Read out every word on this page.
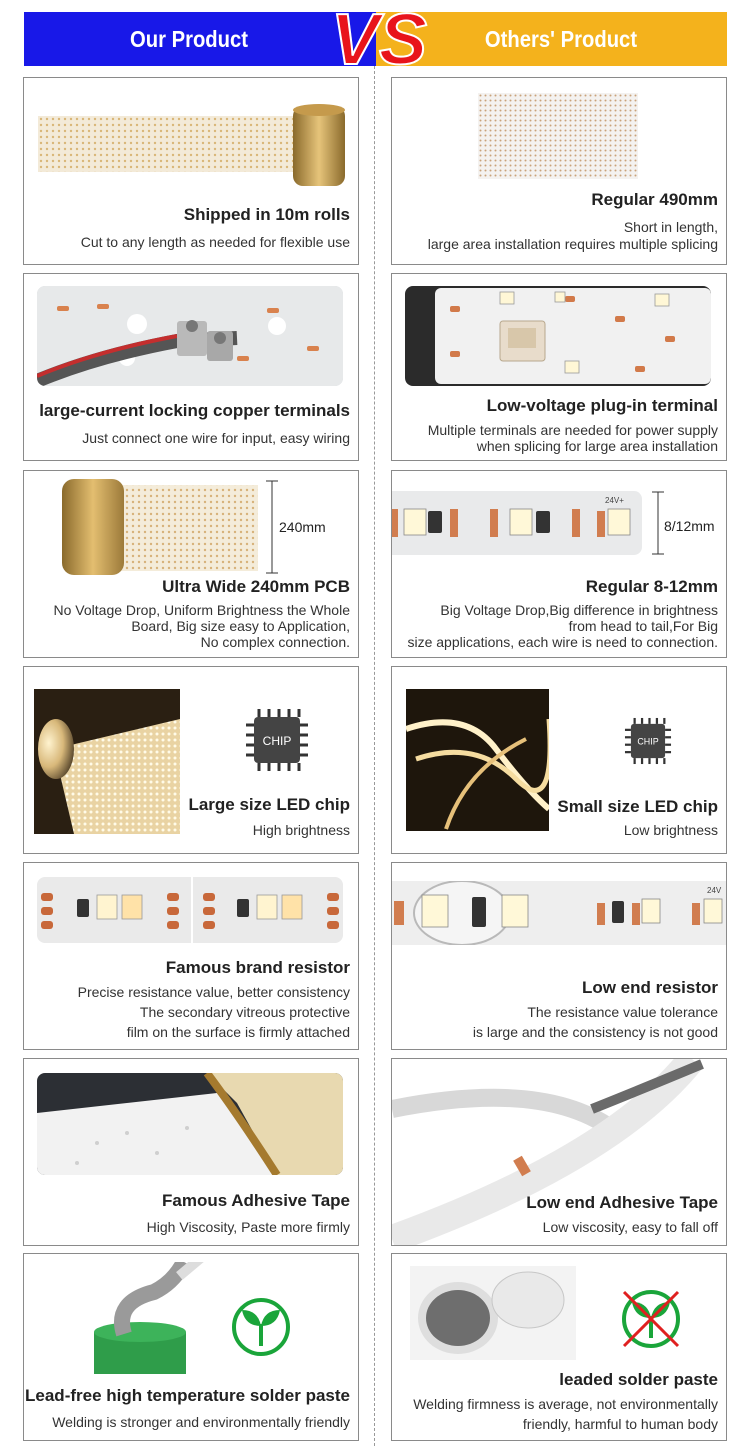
Our Product	Others' Product
VS
Shipped in 10m rolls
Cut to any length as needed for flexible use
Regular 490mm
Short in length,
large area installation requires multiple splicing
large-current locking copper terminals
Just connect one wire for input, easy wiring
Low-voltage plug-in terminal
Multiple terminals are needed for power supply
when splicing for large area installation
240mm
Ultra Wide 240mm PCB
No Voltage Drop, Uniform Brightness the Whole
Board, Big size easy to Application,
No complex connection.
24V+
8/12mm
Regular 8-12mm
Big Voltage Drop,Big difference in brightness
from head to tail,For Big
size applications, each wire is need to connection.
CHIP
Large size LED chip
High brightness
CHIP
Small size LED chip
Low brightness
Famous brand resistor
Precise resistance value, better consistency
The secondary vitreous protective
film on the surface is firmly attached
24V
Low end resistor
The resistance value tolerance
is large and the consistency is not good
Famous Adhesive Tape
High Viscosity, Paste more firmly
Low end Adhesive Tape
Low viscosity, easy to fall off
Lead-free high temperature solder paste
Welding is stronger and environmentally friendly
leaded solder paste
Welding firmness is average, not environmentally
friendly, harmful to human body
